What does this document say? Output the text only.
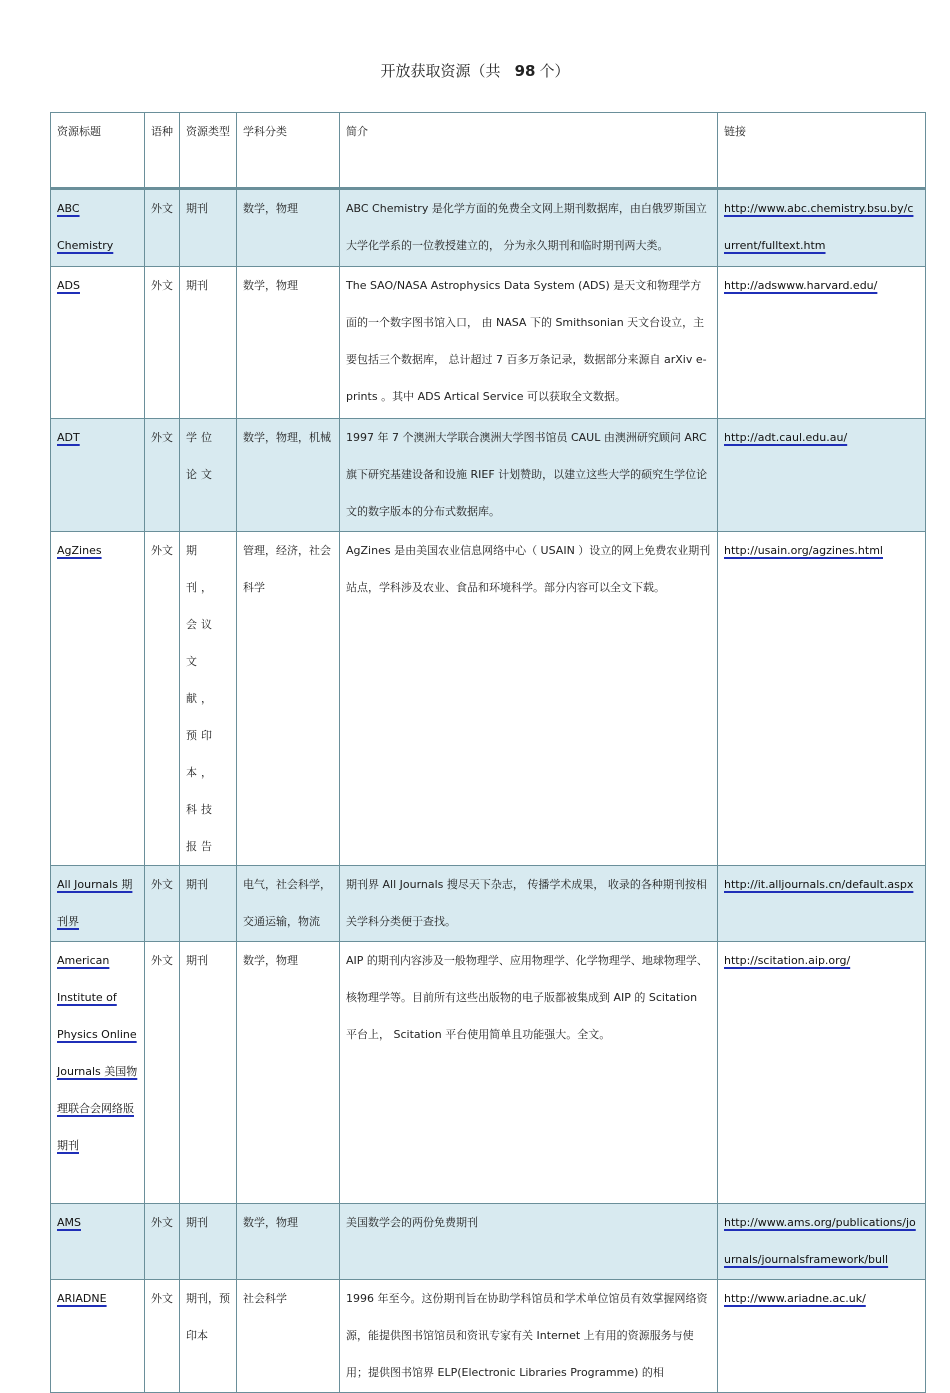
开放获取资源（共 98 个）
资源标题	语种	资源类型	学科分类	简介	链接
ABC Chemistry	外文	期刊	数学，物理	ABC Chemistry 是化学方面的免费全文网上期刊数据库，由白俄罗斯国立大学化学系的一位教授建立的， 分为永久期刊和临时期刊两大类。	http://www.abc.chemistry.bsu.by/current/fulltext.htm
ADS	外文	期刊	数学，物理	The SAO/NASA Astrophysics Data System (ADS) 是天文和物理学方面的一个数字图书馆入口， 由 NASA 下的 Smithsonian 天文台设立，主要包括三个数据库， 总计超过 7 百多万条记录，数据部分来源自 arXiv e-prints 。其中 ADS Artical Service 可以获取全文数据。	http://adswww.harvard.edu/
ADT	外文	学位论文	数学，物理，机械	1997 年 7 个澳洲大学联合澳洲大学图书馆员 CAUL 由澳洲研究顾问 ARC 旗下研究基建设备和设施 RIEF 计划赞助，以建立这些大学的硕究生学位论文的数字版本的分布式数据库。	http://adt.caul.edu.au/
AgZines	外文	期刊，会议文献，预印本，科技报告	管理，经济，社会科学	AgZines 是由美国农业信息网络中心（ USAIN ）设立的网上免费农业期刊站点，学科涉及农业、食品和环境科学。部分内容可以全文下载。	http://usain.org/agzines.html
All Journals 期刊界	外文	期刊	电气，社会科学，交通运输，物流	期刊界 All Journals 搜尽天下杂志， 传播学术成果， 收录的各种期刊按相关学科分类便于查找。	http://it.alljournals.cn/default.aspx
American Institute of Physics Online Journals 美国物理联合会网络版期刊	外文	期刊	数学，物理	AIP 的期刊内容涉及一般物理学、应用物理学、化学物理学、地球物理学、核物理学等。目前所有这些出版物的电子版都被集成到 AIP 的 Scitation 平台上， Scitation 平台使用简单且功能强大。全文。	http://scitation.aip.org/
AMS	外文	期刊	数学，物理	美国数学会的两份免费期刊	http://www.ams.org/publications/journals/journalsframework/bull
ARIADNE	外文	期刊，预印本	社会科学	1996 年至今。这份期刊旨在协助学科馆员和学术单位馆员有效掌握网络资源，能提供图书馆馆员和资讯专家有关 Internet 上有用的资源服务与使用；提供图书馆界 ELP(Electronic Libraries Programme) 的相	http://www.ariadne.ac.uk/
